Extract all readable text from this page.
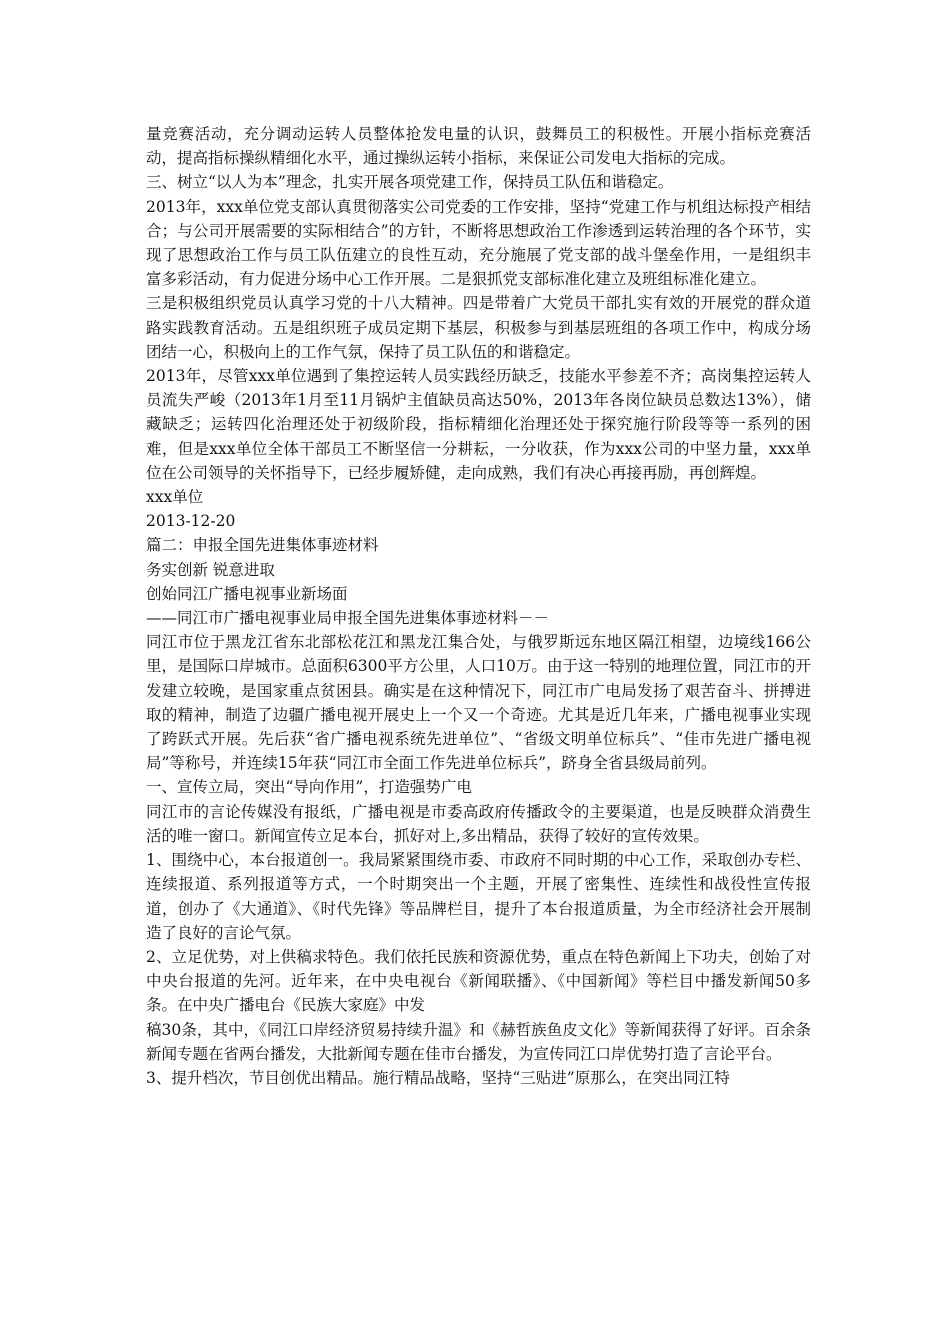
量竞赛活动，充分调动运转人员整体抢发电量的认识，鼓舞员工的积极性。开展小指标竞赛活动，提高指标操纵精细化水平，通过操纵运转小指标，来保证公司发电大指标的完成。

三、树立“以人为本”理念，扎实开展各项党建工作，保持员工队伍和谐稳定。

2013年，xxx单位党支部认真贯彻落实公司党委的工作安排，坚持“党建工作与机组达标投产相结合；与公司开展需要的实际相结合”的方针，不断将思想政治工作渗透到运转治理的各个环节，实现了思想政治工作与员工队伍建立的良性互动，充分施展了党支部的战斗堡垒作用，一是组织丰富多彩活动，有力促进分场中心工作开展。二是狠抓党支部标准化建立及班组标准化建立。

三是积极组织党员认真学习党的十八大精神。四是带着广大党员干部扎实有效的开展党的群众道路实践教育活动。五是组织班子成员定期下基层，积极参与到基层班组的各项工作中，构成分场团结一心，积极向上的工作气氛，保持了员工队伍的和谐稳定。

2013年，尽管xxx单位遇到了集控运转人员实践经历缺乏，技能水平参差不齐；高岗集控运转人员流失严峻（2013年1月至11月锅炉主值缺员高达50%，2013年各岗位缺员总数达13%），储藏缺乏；运转四化治理还处于初级阶段，指标精细化治理还处于探究施行阶段等等一系列的困难，但是xxx单位全体干部员工不断坚信一分耕耘，一分收获，作为xxx公司的中坚力量，xxx单位在公司领导的关怀指导下，已经步履矫健，走向成熟，我们有决心再接再励，再创辉煌。

xxx单位

2013-12-20

篇二：申报全国先进集体事迹材料

务实创新 锐意进取

创始同江广播电视事业新场面

——同江市广播电视事业局申报全国先进集体事迹材料－－

同江市位于黑龙江省东北部松花江和黑龙江集合处，与俄罗斯远东地区隔江相望，边境线166公里，是国际口岸城市。总面积6300平方公里，人口10万。由于这一特别的地理位置，同江市的开发建立较晚，是国家重点贫困县。确实是在这种情况下，同江市广电局发扬了艰苦奋斗、拼搏进取的精神，制造了边疆广播电视开展史上一个又一个奇迹。尤其是近几年来，广播电视事业实现了跨跃式开展。先后获“省广播电视系统先进单位”、“省级文明单位标兵”、“佳市先进广播电视局”等称号，并连续15年获“同江市全面工作先进单位标兵”，跻身全省县级局前列。

一、宣传立局，突出“导向作用”，打造强势广电

同江市的言论传媒没有报纸，广播电视是市委高政府传播政令的主要渠道，也是反映群众消费生活的唯一窗口。新闻宣传立足本台，抓好对上,多出精品，获得了较好的宣传效果。

1、围绕中心，本台报道创一。我局紧紧围绕市委、市政府不同时期的中心工作，采取创办专栏、连续报道、系列报道等方式，一个时期突出一个主题，开展了密集性、连续性和战役性宣传报道，创办了《大通道》、《时代先锋》等品牌栏目，提升了本台报道质量，为全市经济社会开展制造了良好的言论气氛。

2、立足优势，对上供稿求特色。我们依托民族和资源优势，重点在特色新闻上下功夫，创始了对中央台报道的先河。近年来，在中央电视台《新闻联播》、《中国新闻》等栏目中播发新闻50多条。在中央广播电台《民族大家庭》中发

稿30条，其中，《同江口岸经济贸易持续升温》和《赫哲族鱼皮文化》等新闻获得了好评。百余条新闻专题在省两台播发，大批新闻专题在佳市台播发，为宣传同江口岸优势打造了言论平台。

3、提升档次，节目创优出精品。施行精品战略，坚持“三贴进”原那么，在突出同江特
